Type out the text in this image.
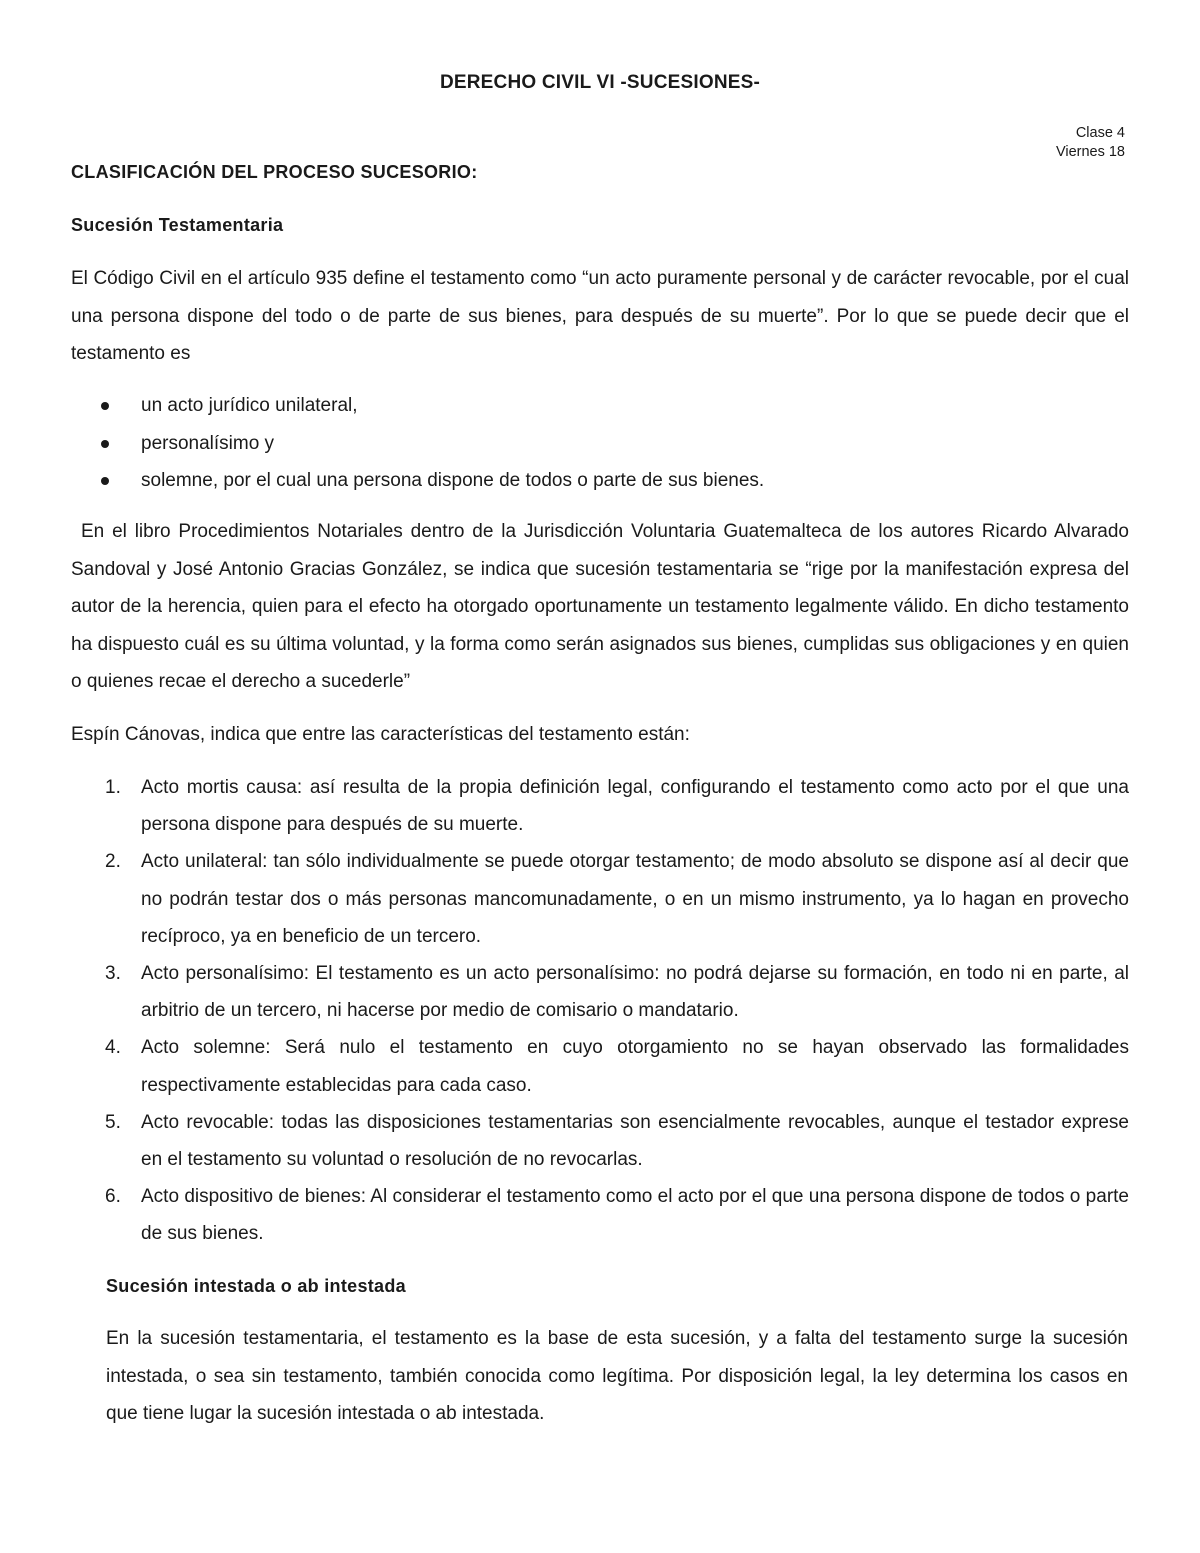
DERECHO CIVIL VI -SUCESIONES-
Clase 4
Viernes 18
CLASIFICACIÓN DEL PROCESO SUCESORIO:
Sucesión Testamentaria

El Código Civil en el artículo 935 define el testamento como “un acto puramente personal y de carácter revocable, por el cual una persona dispone del todo o de parte de sus bienes, para después de su muerte”. Por lo que se puede decir que el testamento es

un acto jurídico unilateral,
personalísimo y
solemne, por el cual una persona dispone de todos o parte de sus bienes.

En el libro Procedimientos Notariales dentro de la Jurisdicción Voluntaria Guatemalteca de los autores Ricardo Alvarado Sandoval y José Antonio Gracias González, se indica que sucesión testamentaria se “rige por la manifestación expresa del autor de la herencia, quien para el efecto ha otorgado oportunamente un testamento legalmente válido. En dicho testamento ha dispuesto cuál es su última voluntad, y la forma como serán asignados sus bienes, cumplidas sus obligaciones y en quien o quienes recae el derecho a sucederle”

Espín Cánovas, indica que entre las características del testamento están:

1. Acto mortis causa: así resulta de la propia definición legal, configurando el testamento como acto por el que una persona dispone para después de su muerte.
2. Acto unilateral: tan sólo individualmente se puede otorgar testamento; de modo absoluto se dispone así al decir que no podrán testar dos o más personas mancomunadamente, o en un mismo instrumento, ya lo hagan en provecho recíproco, ya en beneficio de un tercero.
3. Acto personalísimo: El testamento es un acto personalísimo: no podrá dejarse su formación, en todo ni en parte, al arbitrio de un tercero, ni hacerse por medio de comisario o mandatario.
4. Acto solemne: Será nulo el testamento en cuyo otorgamiento no se hayan observado las formalidades respectivamente establecidas para cada caso.
5. Acto revocable: todas las disposiciones testamentarias son esencialmente revocables, aunque el testador exprese en el testamento su voluntad o resolución de no revocarlas.
6. Acto dispositivo de bienes: Al considerar el testamento como el acto por el que una persona dispone de todos o parte de sus bienes.
Sucesión intestada o ab intestada

En la sucesión testamentaria, el testamento es la base de esta sucesión, y a falta del testamento surge la sucesión intestada, o sea sin testamento, también conocida como legítima. Por disposición legal, la ley determina los casos en que tiene lugar la sucesión intestada o ab intestada.
